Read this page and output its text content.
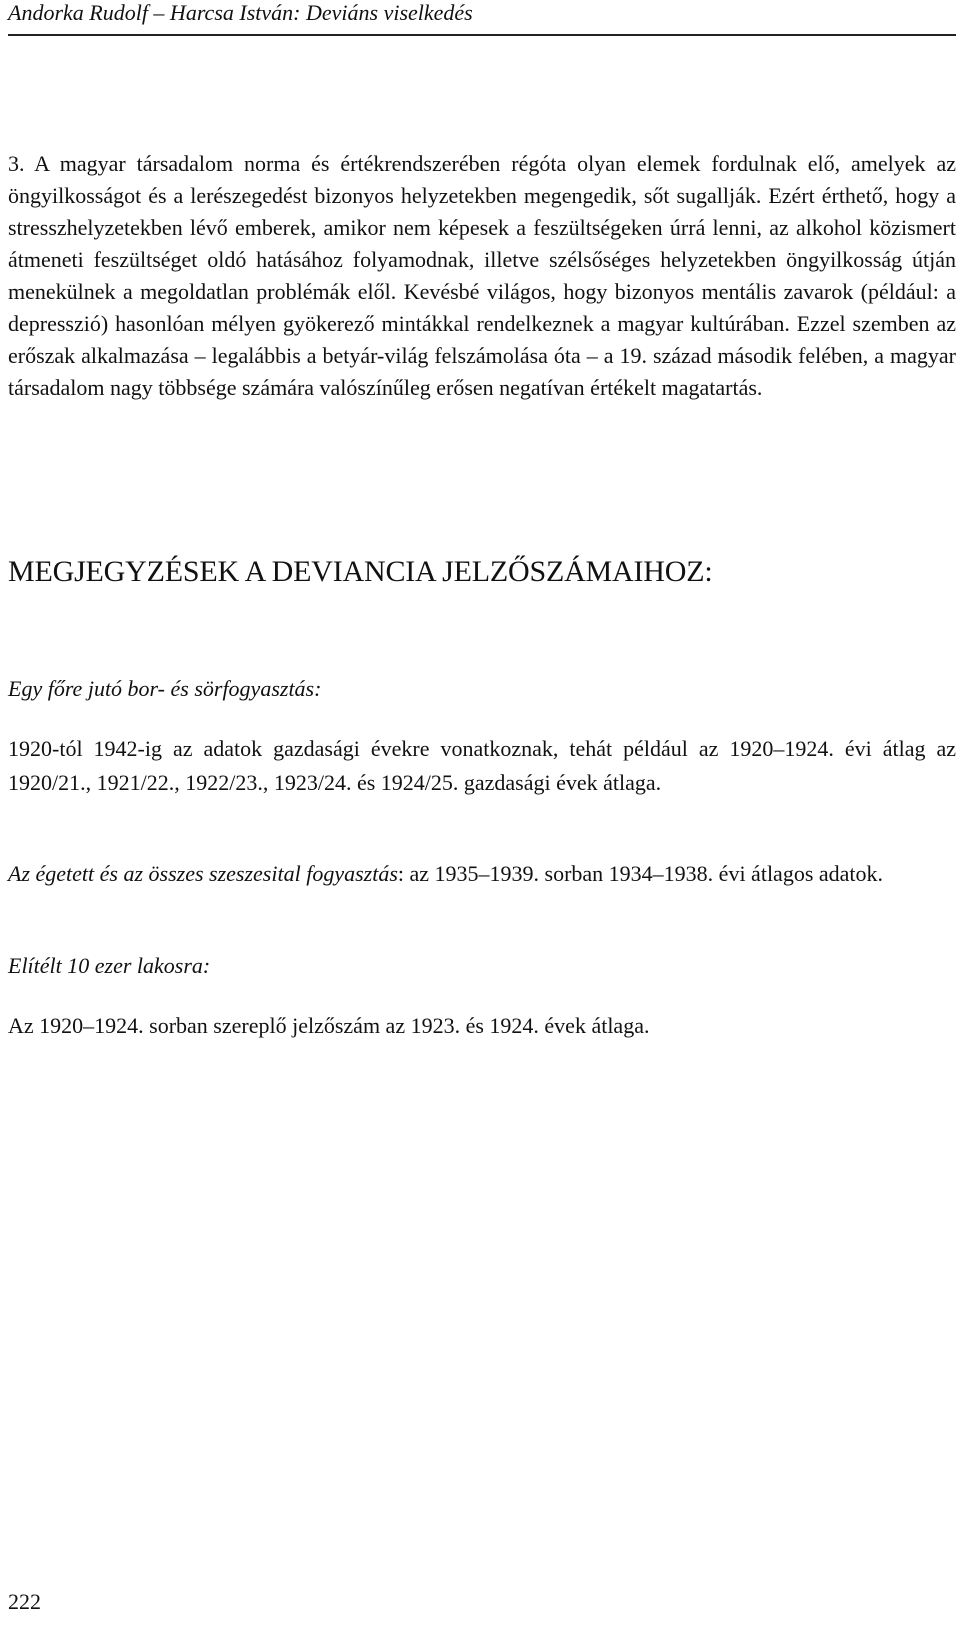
Andorka Rudolf – Harcsa István: Deviáns viselkedés
3. A magyar társadalom norma és értékrendszerében régóta olyan elemek fordulnak elő, amelyek az öngyilkosságot és a lerészegedést bizonyos helyzetekben megengedik, sőt sugallják. Ezért érthető, hogy a stresszhelyzetekben lévő emberek, amikor nem képesek a feszültségeken úrrá lenni, az alkohol közismert átmeneti feszültséget oldó hatásához folyamodnak, illetve szélsőséges helyzetekben öngyilkosság útján menekülnek a megoldatlan problémák elől. Kevésbé világos, hogy bizonyos mentális zavarok (például: a depresszió) hasonlóan mélyen gyökerező mintákkal rendelkeznek a magyar kultúrában. Ezzel szemben az erőszak alkalmazása – legalábbis a betyár-világ felszámolása óta – a 19. század második felében, a magyar társadalom nagy többsége számára valószínűleg erősen negatívan értékelt magatartás.
MEGJEGYZÉSEK A DEVIANCIA JELZŐSZÁMAIHOZ:
Egy főre jutó bor- és sörfogyasztás:
1920-tól 1942-ig az adatok gazdasági évekre vonatkoznak, tehát például az 1920–1924. évi átlag az 1920/21., 1921/22., 1922/23., 1923/24. és 1924/25. gazdasági évek átlaga.
Az égetett és az összes szeszesital fogyasztás: az 1935–1939. sorban 1934–1938. évi átlagos adatok.
Elítélt 10 ezer lakosra:
Az 1920–1924. sorban szereplő jelzőszám az 1923. és 1924. évek átlaga.
222
